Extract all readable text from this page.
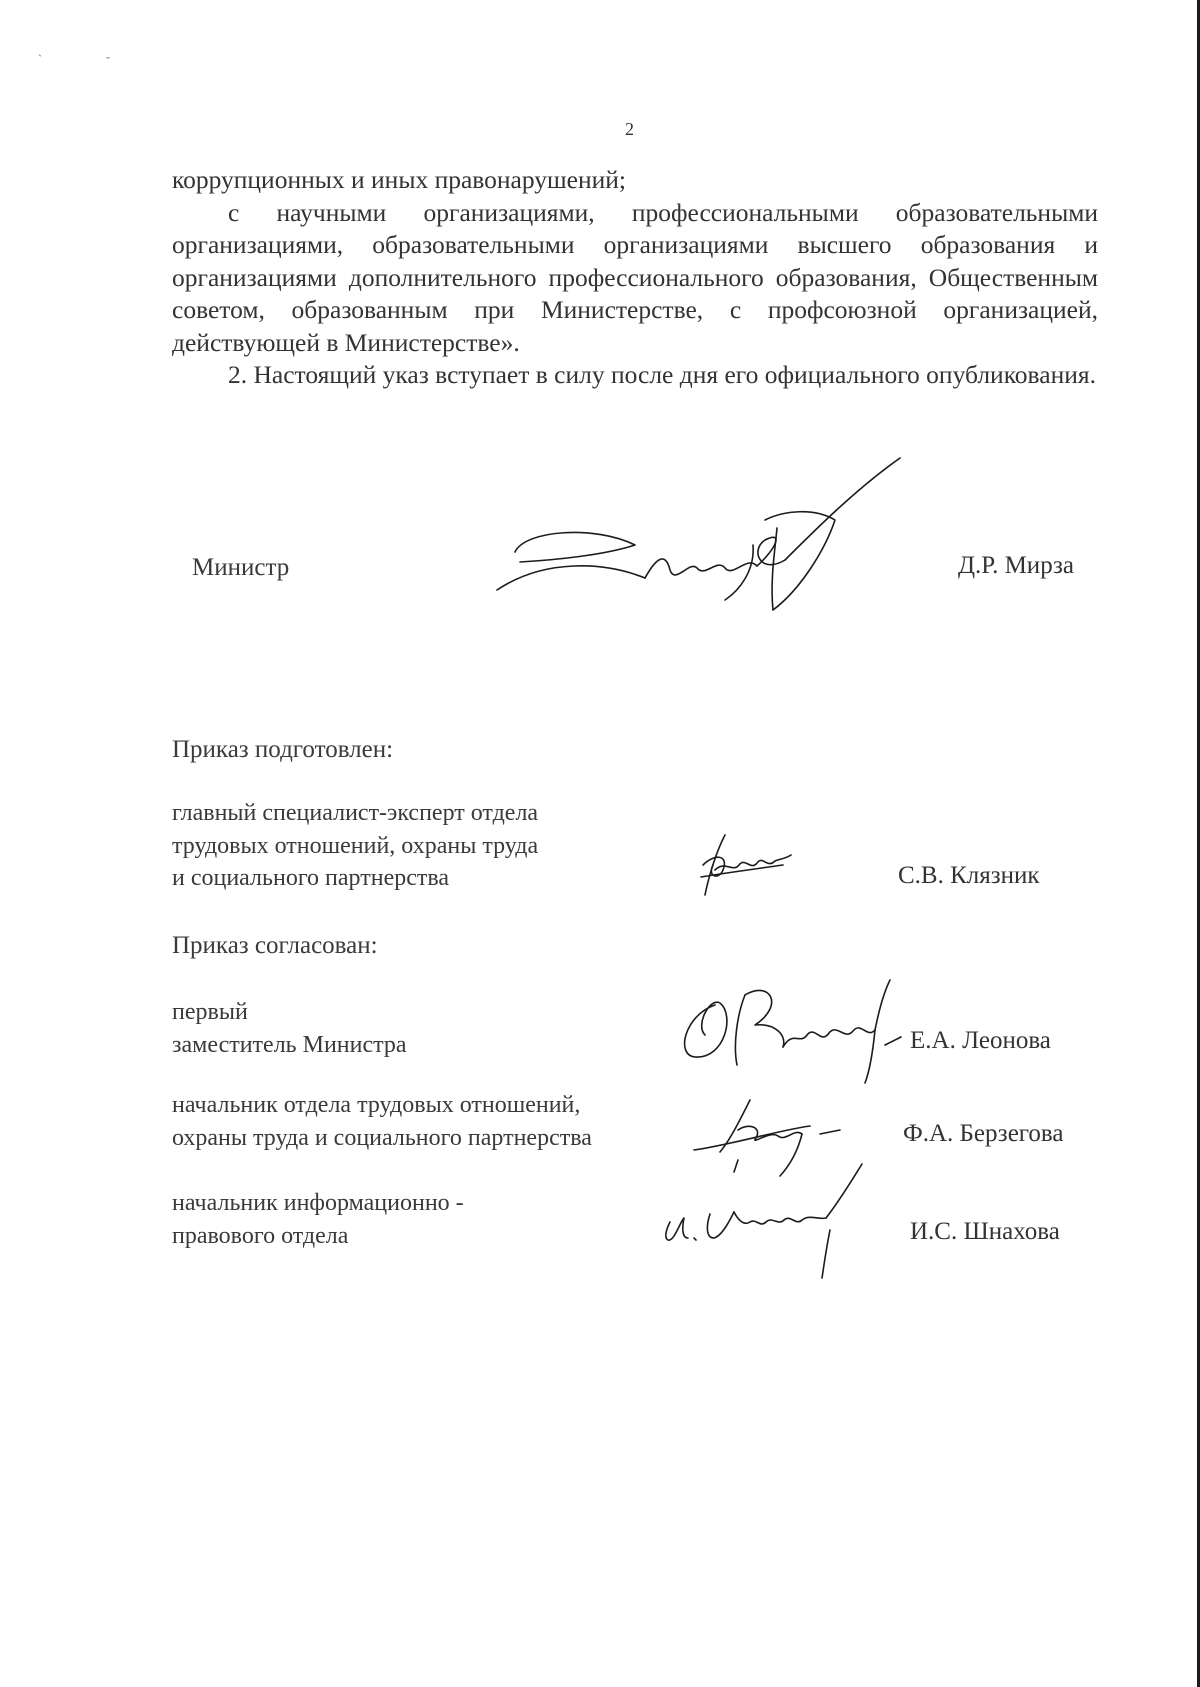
ˋ	˘
2

коррупционных и иных правонарушений;

с научными организациями, профессиональными образовательными организациями, образовательными организациями высшего образования и организациями дополнительного профессионального образования, Общественным советом, образованным при Министерстве, с профсоюзной организацией, действующей в Министерстве».

2. Настоящий указ вступает в силу после дня его официального опубликования.

Министр	Д.Р. Мирза
Приказ подготовлен:
главный специалист-эксперт отдела
трудовых отношений, охраны труда
и социального партнерства	С.В. Клязник
Приказ согласован:
первый
заместитель Министра	Е.А. Леонова
начальник отдела трудовых отношений,
охраны труда и социального партнерства	Ф.А. Берзегова
начальник информационно -
правового отдела	И.С. Шнахова
